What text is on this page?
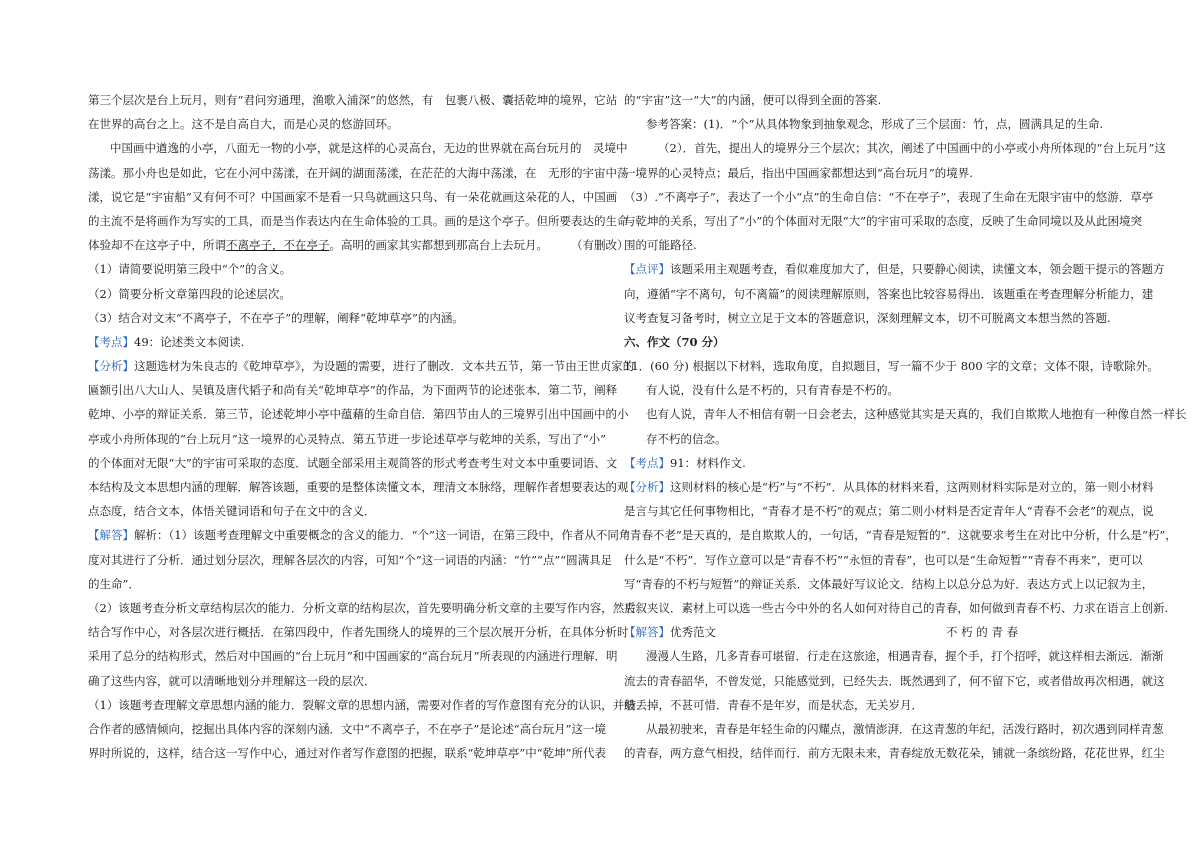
第三个层次是台上玩月，则有“君问穷通理，渔歌入浦深”的悠然，有　包裹八极、囊括乾坤的境界，它站
在世界的高台之上。这不是自高自大，而是心灵的悠游回环。
中国画中遒逸的小亭，八面无一物的小亭，就是这样的心灵高台，无边的世界就在高台玩月的　灵境中
荡漾。那小舟也是如此，它在小河中荡漾，在开阔的湖面荡漾，在茫茫的大海中荡漾，在　无形的宇宙中荡
漾，说它是“宇宙船”又有何不可？中国画家不是看一只鸟就画这只鸟、有一朵花就画这朵花的人，中国画
的主流不是将画作为写实的工具，而是当作表达内在生命体验的工具。画的是这个亭子。但所要表达的生命
体验却不在这亭子中，所谓不离亭子，不在亭子。高明的画家其实都想到那高台上去玩月。　　　（有删改）
（1）请简要说明第三段中“个”的含义。
（2）简要分析文章第四段的论述层次。
（3）结合对文末“不离亭子，不在亭子”的理解，阐释“乾坤草亭”的内涵。
【考点】49：论述类文本阅读.
【分析】这题选材为朱良志的《乾坤草亭》，为设题的需要，进行了删改．文本共五节，第一节由王世贞家的
匾额引出八大山人、吴镇及唐代韬子和尚有关“乾坤草亭”的作品，为下面两节的论述张本．第二节，阐释
乾坤、小亭的辩证关系．第三节，论述乾坤小亭中蕴藉的生命自信．第四节由人的三境界引出中国画中的小
亭或小舟所体现的“台上玩月”这一境界的心灵特点．第五节进一步论述草亭与乾坤的关系，写出了“小”
的个体面对无限“大”的宇宙可采取的态度．试题全部采用主观简答的形式考查考生对文本中重要词语、文
本结构及文本思想内涵的理解．解答该题，重要的是整体读懂文本，理清文本脉络，理解作者想要表达的观
点态度，结合文本，体悟关键词语和句子在文中的含义．
【解答】解析：（1）该题考查理解文中重要概念的含义的能力．“个”这一词语，在第三段中，作者从不同角
度对其进行了分析．通过划分层次，理解各层次的内容，可知“个”这一词语的内涵：“竹”“点”“圆满具足
的生命”．
（2）该题考查分析文章结构层次的能力．分析文章的结构层次，首先要明确分析文章的主要写作内容，然后
结合写作中心，对各层次进行概括．在第四段中，作者先围绕人的境界的三个层次展开分析，在具体分析时
采用了总分的结构形式，然后对中国画的“台上玩月”和中国画家的“高台玩月”所表现的内涵进行理解．明
确了这些内容，就可以清晰地划分并理解这一段的层次．
（1）该题考查理解文章思想内涵的能力．裂解文章的思想内涵，需要对作者的写作意图有充分的认识，并结
合作者的感情倾向，挖掘出具体内容的深刻内涵．文中“不离亭子，不在亭子”是论述“高台玩月”这一境
界时所说的，这样，结合这一写作中心，通过对作者写作意图的把握，联系“乾坤草亭”中“乾坤”所代表
的“宇宙”这一“大”的内涵，便可以得到全面的答案.
参考答案：(1)．“个”从具体物象到抽象观念，形成了三个层面：竹，点，圆满具足的生命.
（2）．首先，提出人的境界分三个层次；其次，阐述了中国画中的小亭或小舟所体现的“台上玩月”这
一境界的心灵特点；最后，指出中国画家都想达到“高台玩月”的境界.
（3）.“不离亭子”，表达了一个小“点”的生命自信：“不在亭子”，表现了生命在无限宇宙中的悠游．草亭
与乾坤的关系，写出了“小”的个体面对无限“大”的宇宙可采取的态度，反映了生命同境以及从此困境突
围的可能路径.
【点评】该题采用主观题考查，看似难度加大了，但是，只要静心阅读，读懂文本，领会题干提示的答题方
向，遵循“字不离句，句不离篇”的阅读理解原则，答案也比较容易得出．该题重在考查理解分析能力，建
议考查复习备考时，树立立足于文本的答题意识，深刻理解文本，切不可脱离文本想当然的答题.
六、作文（70 分）
11．(60 分) 根据以下材料，选取角度，自拟题目，写一篇不少于 800 字的文章；文体不限，诗歌除外。
有人说，没有什么是不朽的，只有青春是不朽的。
也有人说，青年人不相信有朝一日会老去，这种感觉其实是天真的，我们自欺欺人地抱有一种像自然一样长
存不朽的信念。
【考点】91：材料作文.
【分析】这则材料的核心是“朽”与“不朽”．从具体的材料来看，这两则材料实际是对立的，第一则小材料
是言与其它任何事物相比，“青春才是不朽”的观点；第二则小材料是否定青年人“青春不会老”的观点，说
“青春不老”是天真的，是自欺欺人的，一句话，“青春是短暂的”．这就要求考生在对比中分析，什么是“朽”，
什么是“不朽”．写作立意可以是“青春不朽”“永恒的青春”，也可以是“生命短暂”“青春不再来”，更可以
写“青春的不朽与短暂”的辩证关系．文体最好写议论文．结构上以总分总为好．表达方式上以记叙为主，
夹叙夹议．素材上可以选一些古今中外的名人如何对待自己的青春，如何做到青春不朽、力求在语言上创新.
【解答】优秀范文　　　　　　　　　　　　　　　　　　　　不 朽 的 青 春
漫漫人生路，几多青春可堪留．行走在这旅途，相遇青春，握个手，打个招呼，就这样相去渐远．渐渐
流去的青春韶华，不曾发觉，只能感觉到，已经失去．既然遇到了，何不留下它，或者借故再次相遇，就这
般丢掉，不甚可惜．青春不是年岁，而是状态，无关岁月．
从最初驶来，青春是年轻生命的闪耀点，激情澎湃．在这青葱的年纪，活泼行路时，初次遇到同样青葱
的青春，两方意气相投，结伴而行．前方无限未来，青春绽放无数花朵，铺就一条缤纷路，花花世界，红尘
